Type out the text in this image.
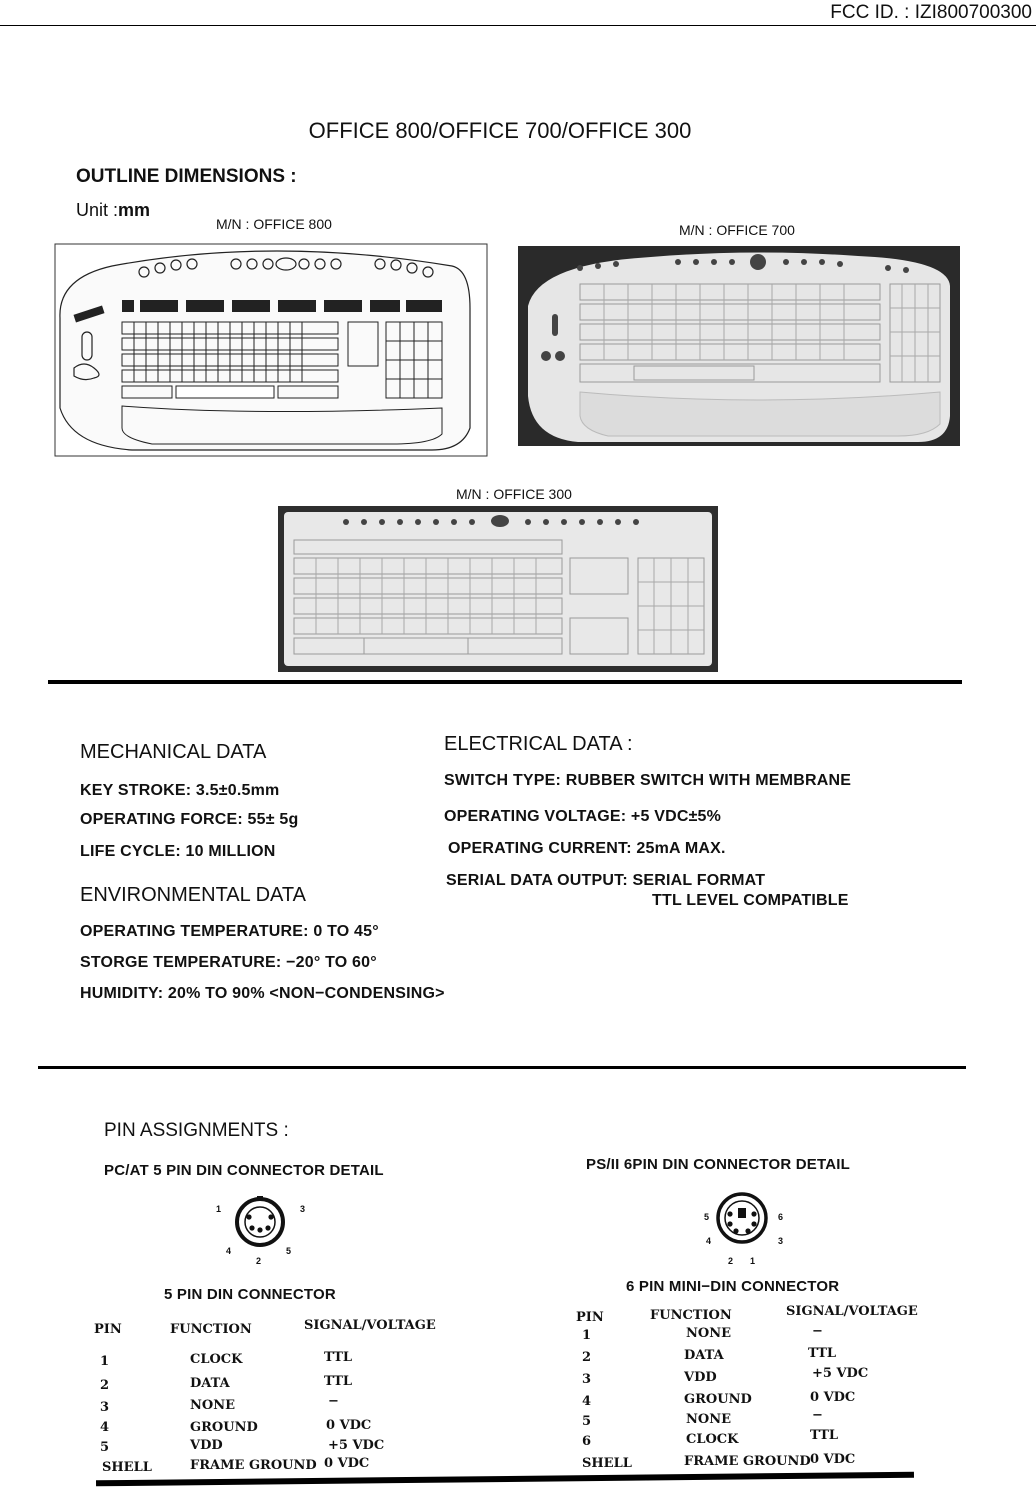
FCC ID. : IZI800700300
OFFICE 800/OFFICE 700/OFFICE 300
OUTLINE DIMENSIONS :
Unit :mm
M/N : OFFICE 800	M/N : OFFICE 700
M/N : OFFICE 300
MECHANICAL DATA
KEY STROKE: 3.5±0.5mm
OPERATING FORCE: 55± 5g
LIFE CYCLE: 10 MILLION
ENVIRONMENTAL DATA
OPERATING TEMPERATURE: 0 TO 45°
STORGE TEMPERATURE: −20° TO 60°
HUMIDITY: 20% TO 90% <NON−CONDENSING>
ELECTRICAL DATA :
SWITCH TYPE: RUBBER SWITCH WITH MEMBRANE
OPERATING VOLTAGE: +5 VDC±5%
OPERATING CURRENT: 25mA MAX.
SERIAL DATA OUTPUT: SERIAL FORMAT
TTL LEVEL COMPATIBLE
PIN ASSIGNMENTS :
PC/AT 5 PIN DIN CONNECTOR DETAIL	PS/II 6PIN DIN CONNECTOR DETAIL
1	3
4	5
2
5	6
4	3
2 1
5 PIN DIN CONNECTOR	6 PIN MINI−DIN CONNECTOR
PIN	FUNCTION	SIGNAL/VOLTAGE
1	CLOCK	TTL
2	DATA	TTL
3	NONE	−
4	GROUND	0 VDC
5	VDD	+5 VDC
SHELL	FRAME GROUND 0 VDC
PIN	FUNCTION	SIGNAL/VOLTAGE
1	NONE	−
2	DATA	TTL
3	VDD	+5 VDC
4	GROUND	0 VDC
5	NONE	−
6	CLOCK	TTL
SHELL	FRAME GROUND 0 VDC
